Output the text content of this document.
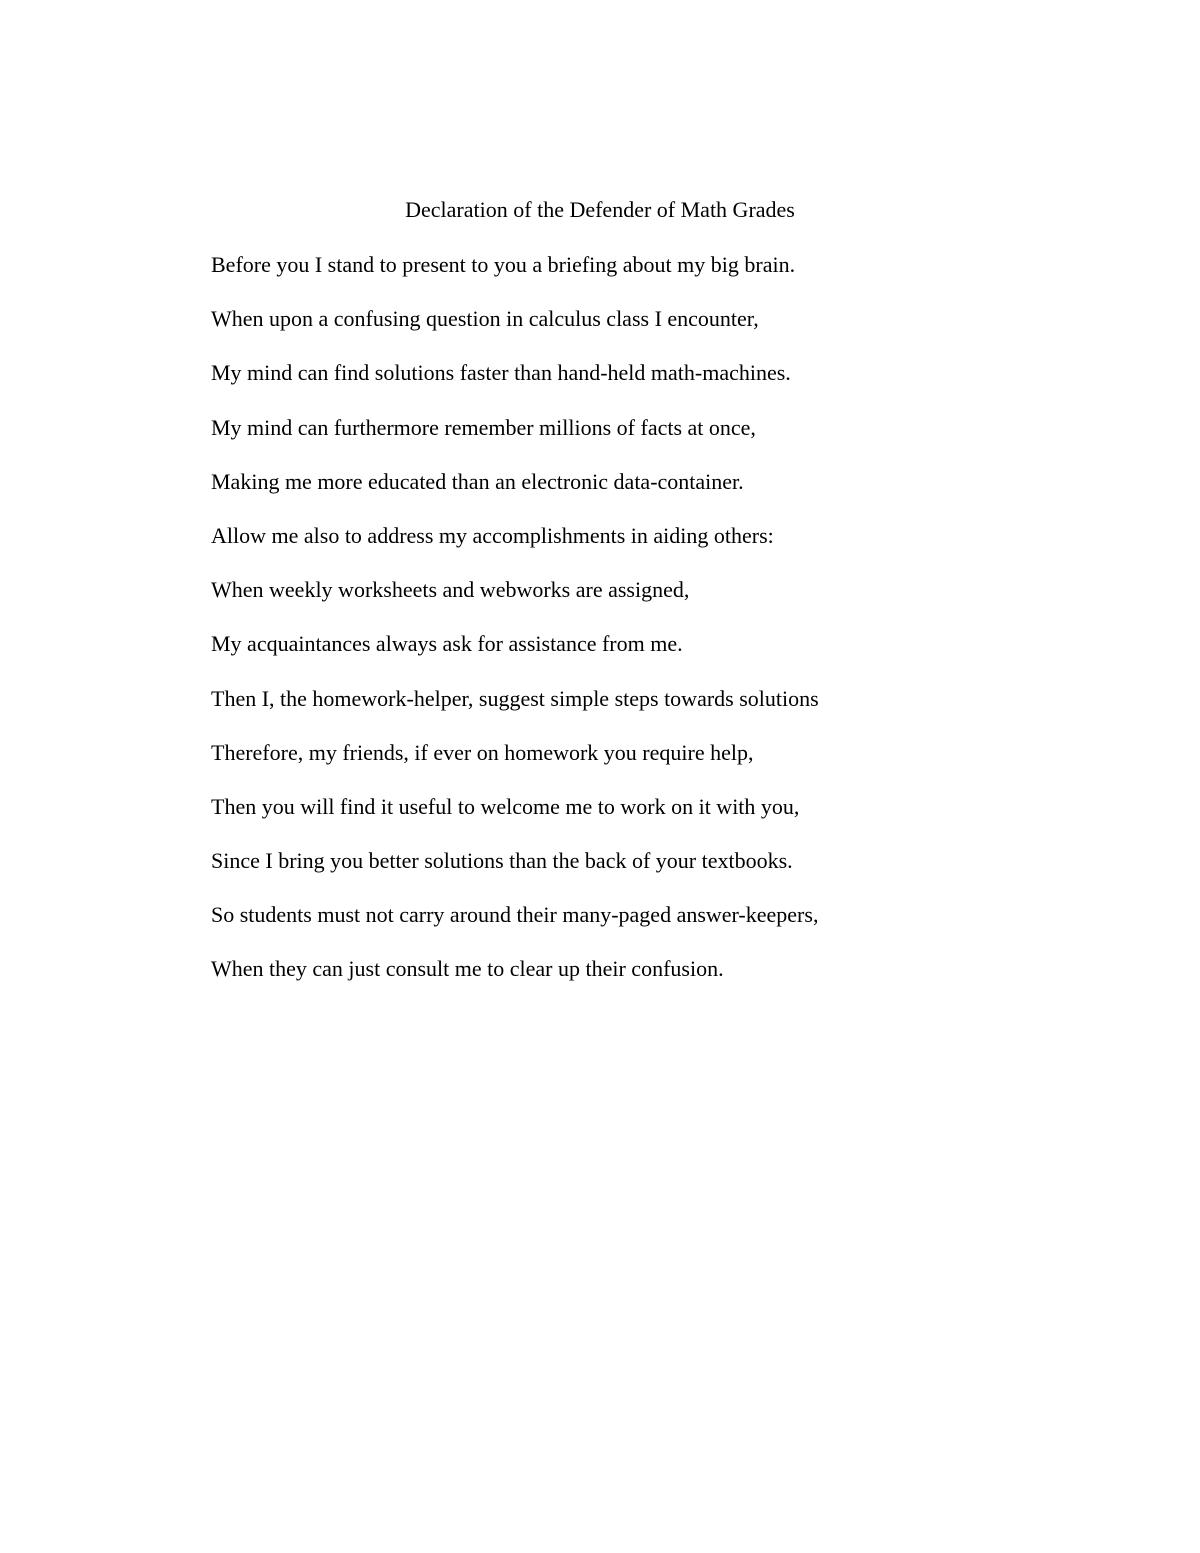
Declaration of the Defender of Math Grades
Before you I stand to present to you a briefing about my big brain.
When upon a confusing question in calculus class I encounter,
My mind can find solutions faster than hand-held math-machines.
My mind can furthermore remember millions of facts at once,
Making me more educated than an electronic data-container.
Allow me also to address my accomplishments in aiding others:
When weekly worksheets and webworks are assigned,
My acquaintances always ask for assistance from me.
Then I, the homework-helper, suggest simple steps towards solutions
Therefore, my friends, if ever on homework you require help,
Then you will find it useful to welcome me to work on it with you,
Since I bring you better solutions than the back of your textbooks.
So students must not carry around their many-paged answer-keepers,
When they can just consult me to clear up their confusion.
